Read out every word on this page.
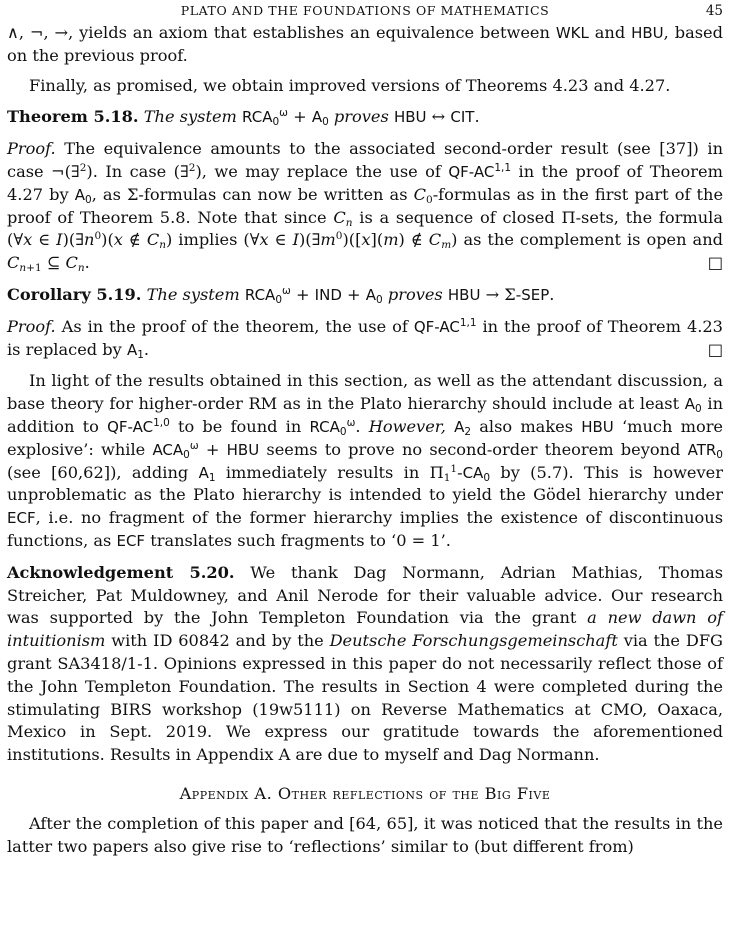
PLATO AND THE FOUNDATIONS OF MATHEMATICS	45

∧, ¬, →, yields an axiom that establishes an equivalence between WKL and HBU, based on the previous proof.

Finally, as promised, we obtain improved versions of Theorems 4.23 and 4.27.

Theorem 5.18. The system $RCA_0^\omega + A_0$ proves HBU ↔ CIT.

Proof. The equivalence amounts to the associated second-order result (see [37]) in case ¬(∃$^2$). In case (∃$^2$), we may replace the use of QF-AC$^{1,1}$ in the proof of Theorem 4.27 by $A_0$, as Σ-formulas can now be written as $C_0$-formulas as in the first part of the proof of Theorem 5.8. Note that since $C_n$ is a sequence of closed Π-sets, the formula (∀x ∈ $I)(\exists n^0)(x$ ∉ $C_n$) implies (∀x ∈ $I)(\exists m^0)([x](m)$ ∉ $C_m$) as the complement is open and $C_{n+1}$ ⊆ $C_n$.	□

Corollary 5.19. The system $RCA_0^\omega$ + IND + $A_0$ proves HBU → Σ-SEP.

Proof. As in the proof of the theorem, the use of QF-AC$^{1,1}$ in the proof of Theorem 4.23 is replaced by $A_1$.	□

In light of the results obtained in this section, as well as the attendant discussion, a base theory for higher-order RM as in the Plato hierarchy should include at least $A_0$ in addition to QF-AC$^{1,0}$ to be found in $RCA_0^\omega$. However, $A_2$ also makes HBU ‘much more explosive’: while $ACA_0^\omega$ + HBU seems to prove no second-order theorem beyond $ATR_0$ (see [60,62]), adding $A_1$ immediately results in $\Pi_1^1-CA_0$ by (5.7). This is however unproblematic as the Plato hierarchy is intended to yield the Gödel hierarchy under ECF, i.e. no fragment of the former hierarchy implies the existence of discontinuous functions, as ECF translates such fragments to ‘0 = 1’.

Acknowledgement 5.20. We thank Dag Normann, Adrian Mathias, Thomas Streicher, Pat Muldowney, and Anil Nerode for their valuable advice. Our research was supported by the John Templeton Foundation via the grant a new dawn of intuitionism with ID 60842 and by the Deutsche Forschungsgemeinschaft via the DFG grant SA3418/1-1. Opinions expressed in this paper do not necessarily reflect those of the John Templeton Foundation. The results in Section 4 were completed during the stimulating BIRS workshop (19w5111) on Reverse Mathematics at CMO, Oaxaca, Mexico in Sept. 2019. We express our gratitude towards the aforementioned institutions. Results in Appendix A are due to myself and Dag Normann.

Appendix A. Other reflections of the Big Five

After the completion of this paper and [64, 65], it was noticed that the results in the latter two papers also give rise to ‘reflections’ similar to (but different from)
